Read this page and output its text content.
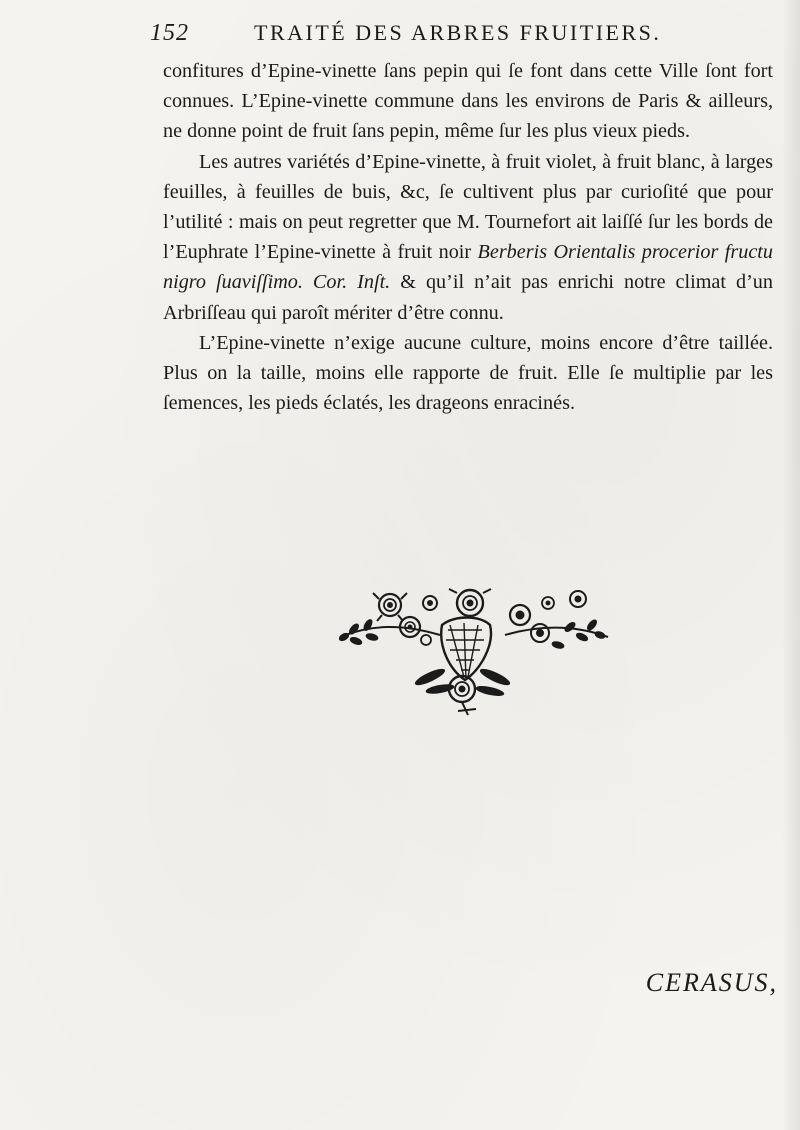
152	TRAITÉ DES ARBRES FRUITIERS.

confitures d’Epine-vinette ſans pepin qui ſe font dans cette Ville ſont fort connues. L’Epine-vinette commune dans les environs de Paris & ailleurs, ne donne point de fruit ſans pepin, même ſur les plus vieux pieds.

Les autres variétés d’Epine-vinette, à fruit violet, à fruit blanc, à larges feuilles, à feuilles de buis, &c, ſe cultivent plus par curioſité que pour l’utilité : mais on peut regretter que M. Tournefort ait laiſſé ſur les bords de l’Euphrate l’Epine-vinette à fruit noir Berberis Orientalis procerior fructu nigro ſuaviſſimo. Cor. Inſt. & qu’il n’ait pas enrichi notre climat d’un Arbriſſeau qui paroît mériter d’être connu.

L’Epine-vinette n’exige aucune culture, moins encore d’être taillée. Plus on la taille, moins elle rapporte de fruit. Elle ſe multiplie par les ſemences, les pieds éclatés, les drageons enracinés.

CERASUS,
